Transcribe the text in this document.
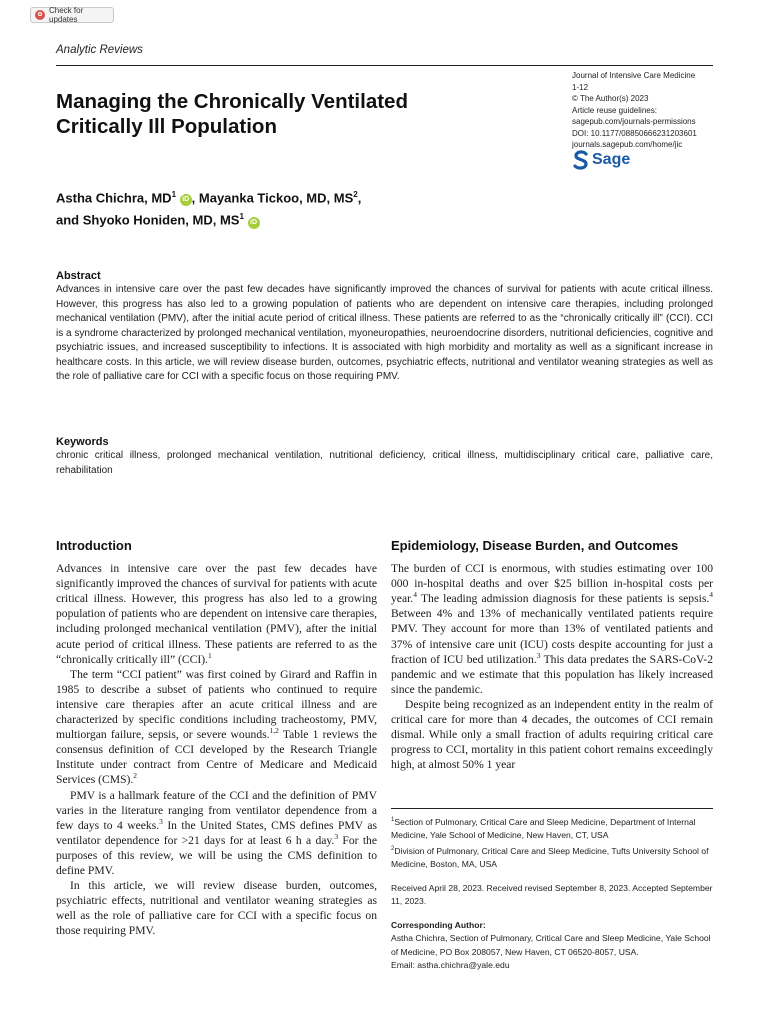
Check for updates
Analytic Reviews
Managing the Chronically Ventilated Critically Ill Population
Journal of Intensive Care Medicine
1-12
© The Author(s) 2023
Article reuse guidelines:
sagepub.com/journals-permissions
DOI: 10.1177/08850666231203601
journals.sagepub.com/home/jic
Sage
Astha Chichra, $MD^1$ iD , Mayanka Tickoo, MD, $MS^2$,
and Shyoko Honiden, MD, $MS^1$ iD
Abstract

Advances in intensive care over the past few decades have significantly improved the chances of survival for patients with acute critical illness. However, this progress has also led to a growing population of patients who are dependent on intensive care therapies, including prolonged mechanical ventilation (PMV), after the initial acute period of critical illness. These patients are referred to as the “chronically critically ill” (CCI). CCI is a syndrome characterized by prolonged mechanical ventilation, myoneuropathies, neuroendocrine disorders, nutritional deficiencies, cognitive and psychiatric issues, and increased susceptibility to infections. It is associated with high morbidity and mortality as well as a significant increase in healthcare costs. In this article, we will review disease burden, outcomes, psychiatric effects, nutritional and ventilator weaning strategies as well as the role of palliative care for CCI with a specific focus on those requiring PMV.

Keywords

chronic critical illness, prolonged mechanical ventilation, nutritional deficiency, critical illness, multidisciplinary critical care, palliative care, rehabilitation

Introduction

Advances in intensive care over the past few decades have significantly improved the chances of survival for patients with acute critical illness. However, this progress has also led to a growing population of patients who are dependent on intensive care therapies, including prolonged mechanical ventilation (PMV), after the initial acute period of critical illness. These patients are referred to as the “chronically critically ill” (CCI).$^1$

The term “CCI patient” was first coined by Girard and Raffin in 1985 to describe a subset of patients who continued to require intensive care therapies after an acute critical illness and are characterized by specific conditions including tracheostomy, PMV, multiorgan failure, sepsis, or severe wounds.$^{1,2}$ Table 1 reviews the consensus definition of CCI developed by the Research Triangle Institute under contract from Centre of Medicare and Medicaid Services (CMS).$^2$

PMV is a hallmark feature of the CCI and the definition of PMV varies in the literature ranging from ventilator dependence from a few days to 4 weeks.$^3$ In the United States, CMS defines PMV as ventilator dependence for >21 days for at least 6 h a day.$^3$ For the purposes of this review, we will be using the CMS definition to define PMV.

In this article, we will review disease burden, outcomes, psychiatric effects, nutritional and ventilator weaning strategies as well as the role of palliative care for CCI with a specific focus on those requiring PMV.

Epidemiology, Disease Burden, and Outcomes

The burden of CCI is enormous, with studies estimating over 100 000 in-hospital deaths and over $25 billion in-hospital costs per year.$^4$ The leading admission diagnosis for these patients is sepsis.$^4$ Between 4% and 13% of mechanically ventilated patients require PMV. They account for more than 13% of ventilated patients and 37% of intensive care unit (ICU) costs despite accounting for just a fraction of ICU bed utilization.$^3$ This data predates the SARS-CoV-2 pandemic and we estimate that this population has likely increased since the pandemic.

Despite being recognized as an independent entity in the realm of critical care for more than 4 decades, the outcomes of CCI remain dismal. While only a small fraction of adults requiring critical care progress to CCI, mortality in this patient cohort remains exceedingly high, at almost 50% 1 year

$^1$Section of Pulmonary, Critical Care and Sleep Medicine, Department of Internal Medicine, Yale School of Medicine, New Haven, CT, USA

$^2$Division of Pulmonary, Critical Care and Sleep Medicine, Tufts University School of Medicine, Boston, MA, USA

Received April 28, 2023. Received revised September 8, 2023. Accepted September 11, 2023.

Corresponding Author:

Astha Chichra, Section of Pulmonary, Critical Care and Sleep Medicine, Yale School of Medicine, PO Box 208057, New Haven, CT 06520-8057, USA.

Email: astha.chichra@yale.edu
